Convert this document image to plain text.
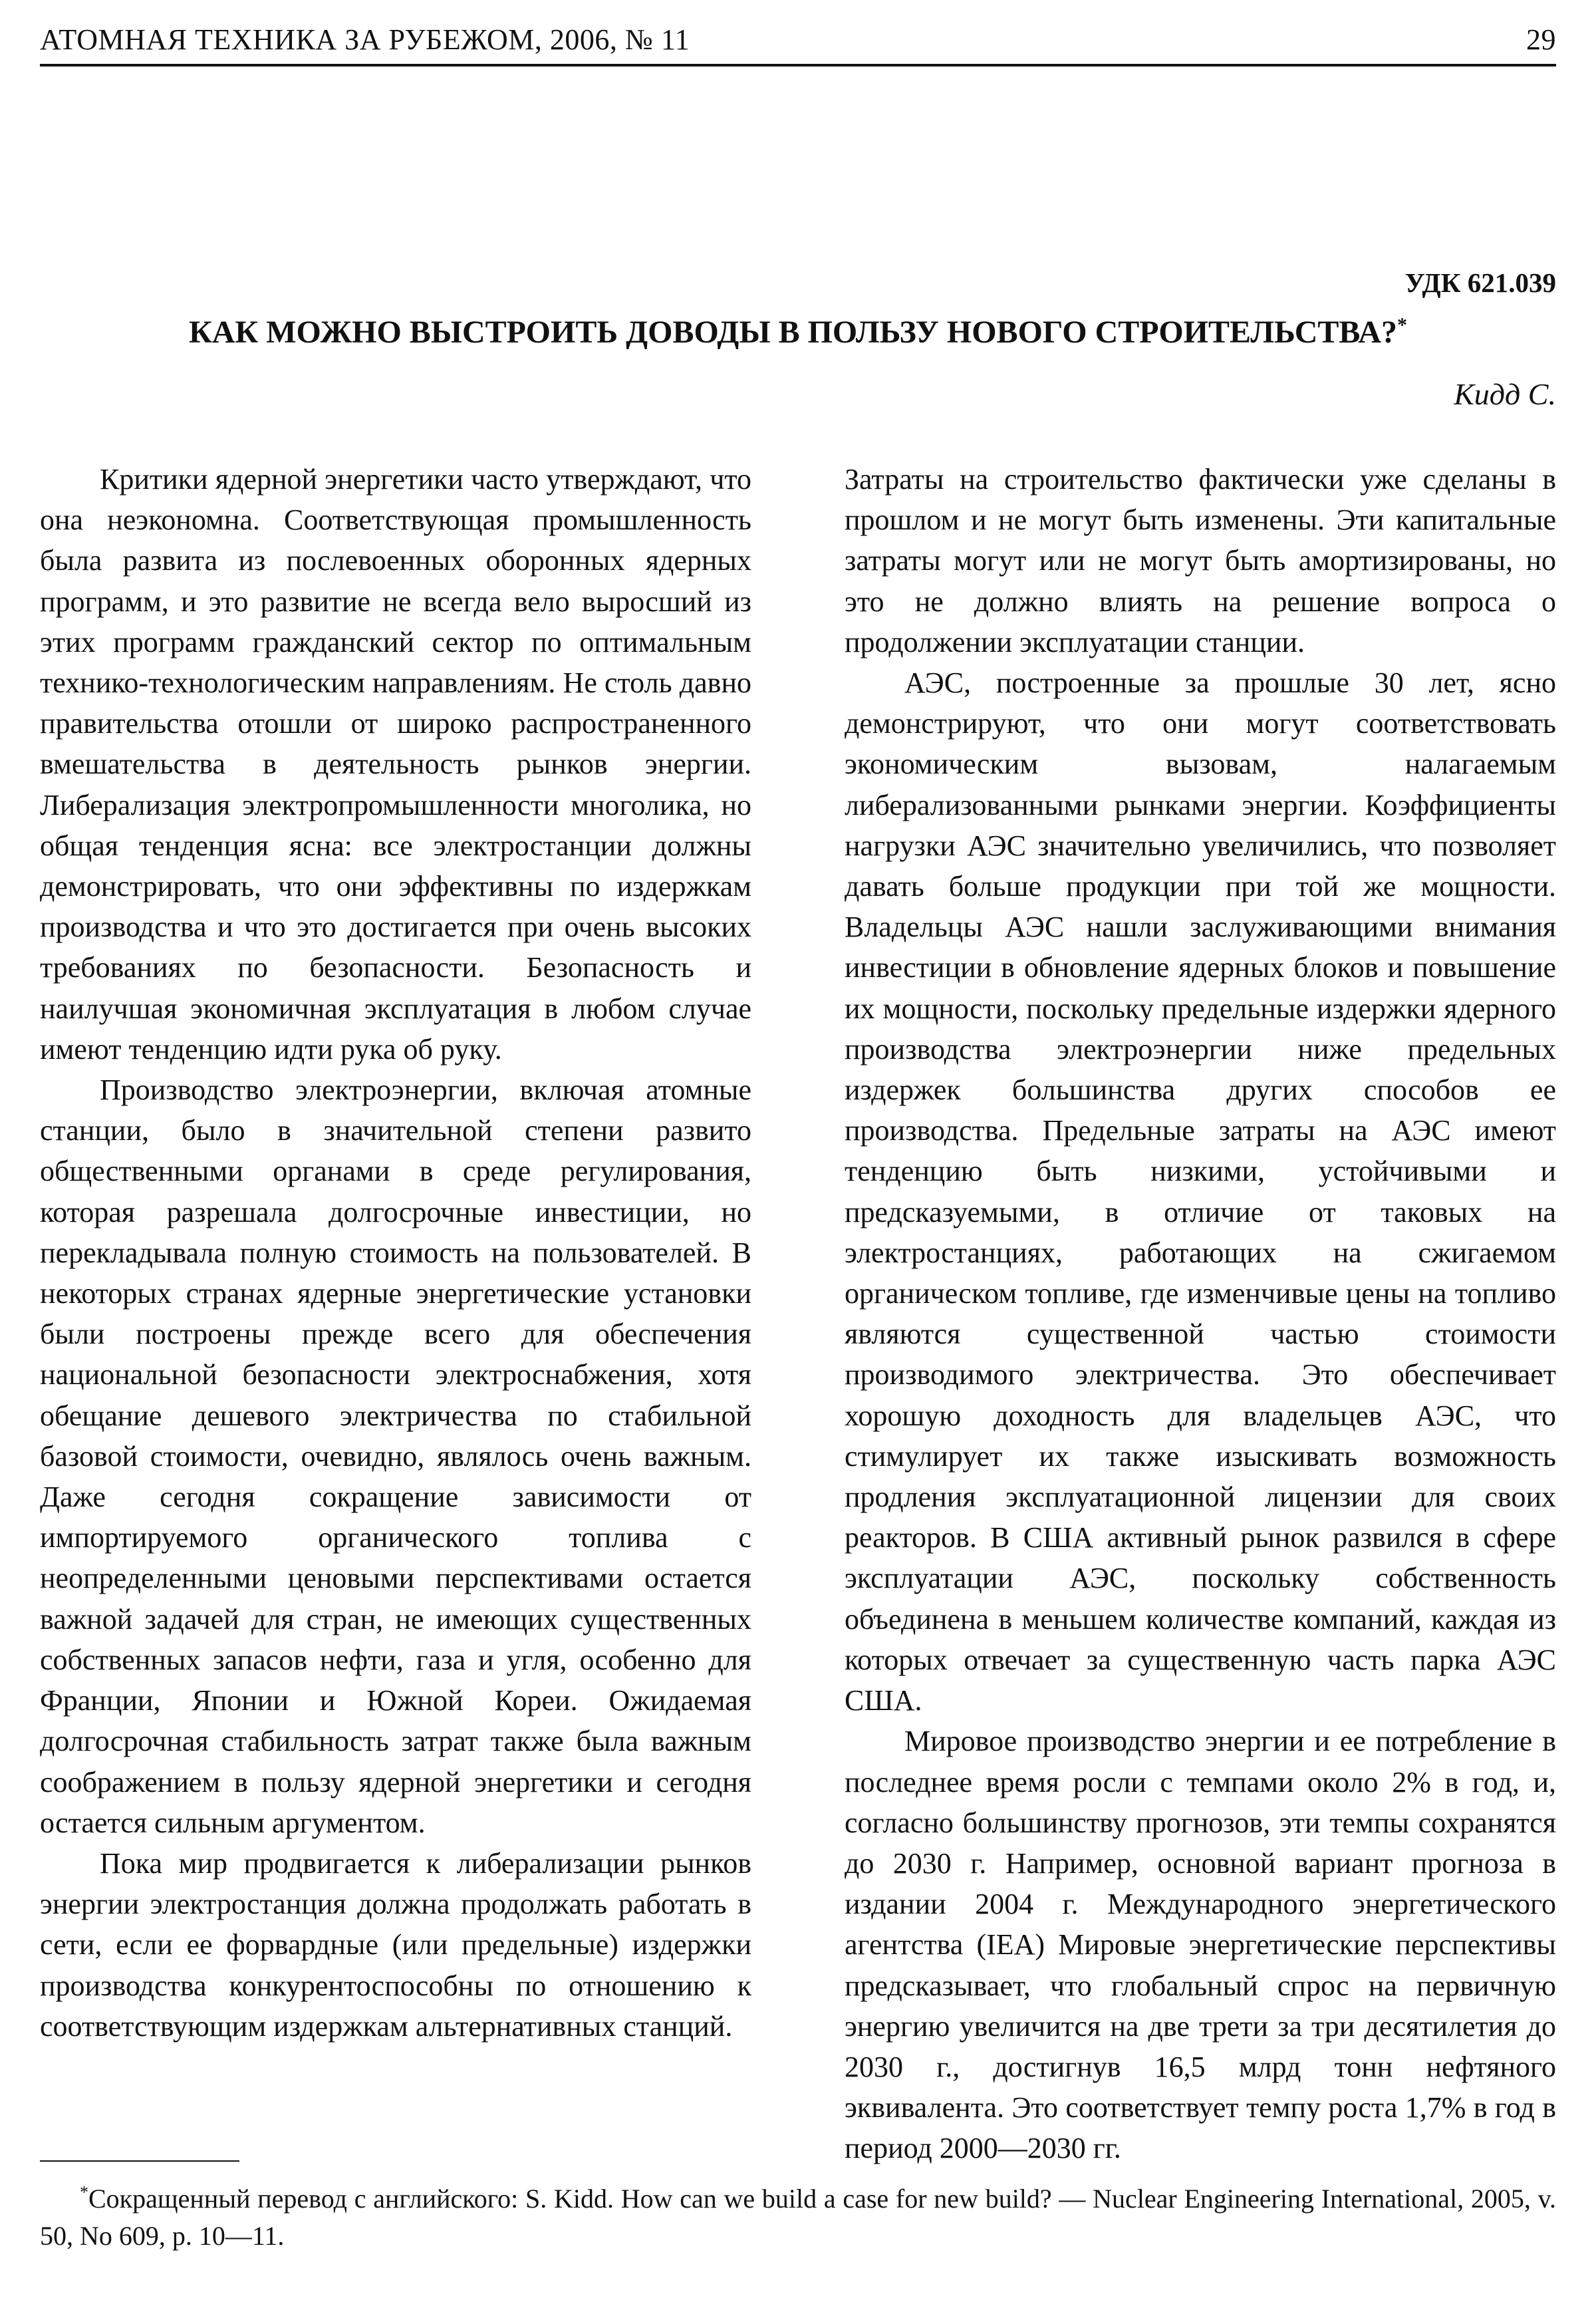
АТОМНАЯ ТЕХНИКА ЗА РУБЕЖОМ, 2006, № 11	29
УДК 621.039
КАК МОЖНО ВЫСТРОИТЬ ДОВОДЫ В ПОЛЬЗУ НОВОГО СТРОИТЕЛЬСТВА?*
Кидд С.

Критики ядерной энергетики часто утверждают, что она неэкономна. Соответствующая промышленность была развита из послевоенных оборонных ядерных программ, и это развитие не всегда вело выросший из этих программ гражданский сектор по оптимальным технико-технологическим направлениям. Не столь давно правительства отошли от широко распространенного вмешательства в деятельность рынков энергии. Либерализация электропромышленности многолика, но общая тенденция ясна: все электростанции должны демонстрировать, что они эффективны по издержкам производства и что это достигается при очень высоких требованиях по безопасности. Безопасность и наилучшая экономичная эксплуатация в любом случае имеют тенденцию идти рука об руку.

Производство электроэнергии, включая атомные станции, было в значительной степени развито общественными органами в среде регулирования, которая разрешала долгосрочные инвестиции, но перекладывала полную стоимость на пользователей. В некоторых странах ядерные энергетические установки были построены прежде всего для обеспечения национальной безопасности электроснабжения, хотя обещание дешевого электричества по стабильной базовой стоимости, очевидно, являлось очень важным. Даже сегодня сокращение зависимости от импортируемого органического топлива с неопределенными ценовыми перспективами остается важной задачей для стран, не имеющих существенных собственных запасов нефти, газа и угля, особенно для Франции, Японии и Южной Кореи. Ожидаемая долгосрочная стабильность затрат также была важным соображением в пользу ядерной энергетики и сегодня остается сильным аргументом.

Пока мир продвигается к либерализации рынков энергии электростанция должна продолжать работать в сети, если ее форвардные (или предельные) издержки производства конкурентоспособны по отношению к соответствующим издержкам альтернативных станций.

Затраты на строительство фактически уже сделаны в прошлом и не могут быть изменены. Эти капитальные затраты могут или не могут быть амортизированы, но это не должно влиять на решение вопроса о продолжении эксплуатации станции.

АЭС, построенные за прошлые 30 лет, ясно демонстрируют, что они могут соответствовать экономическим вызовам, налагаемым либерализованными рынками энергии. Коэффициенты нагрузки АЭС значительно увеличились, что позволяет давать больше продукции при той же мощности. Владельцы АЭС нашли заслуживающими внимания инвестиции в обновление ядерных блоков и повышение их мощности, поскольку предельные издержки ядерного производства электроэнергии ниже предельных издержек большинства других способов ее производства. Предельные затраты на АЭС имеют тенденцию быть низкими, устойчивыми и предсказуемыми, в отличие от таковых на электростанциях, работающих на сжигаемом органическом топливе, где изменчивые цены на топливо являются существенной частью стоимости производимого электричества. Это обеспечивает хорошую доходность для владельцев АЭС, что стимулирует их также изыскивать возможность продления эксплуатационной лицензии для своих реакторов. В США активный рынок развился в сфере эксплуатации АЭС, поскольку собственность объединена в меньшем количестве компаний, каждая из которых отвечает за существенную часть парка АЭС США.

Мировое производство энергии и ее потребление в последнее время росли с темпами около 2% в год, и, согласно большинству прогнозов, эти темпы сохранятся до 2030 г. Например, основной вариант прогноза в издании 2004 г. Международного энергетического агентства (IEA) Мировые энергетические перспективы предсказывает, что глобальный спрос на первичную энергию увеличится на две трети за три десятилетия до 2030 г., достигнув 16,5 млрд тонн нефтяного эквивалента. Это соответствует темпу роста 1,7% в год в период 2000—2030 гг.

*Сокращенный перевод с английского: S. Kidd. How can we build a case for new build? — Nuclear Engineering International, 2005, v. 50, No 609, p. 10—11.
